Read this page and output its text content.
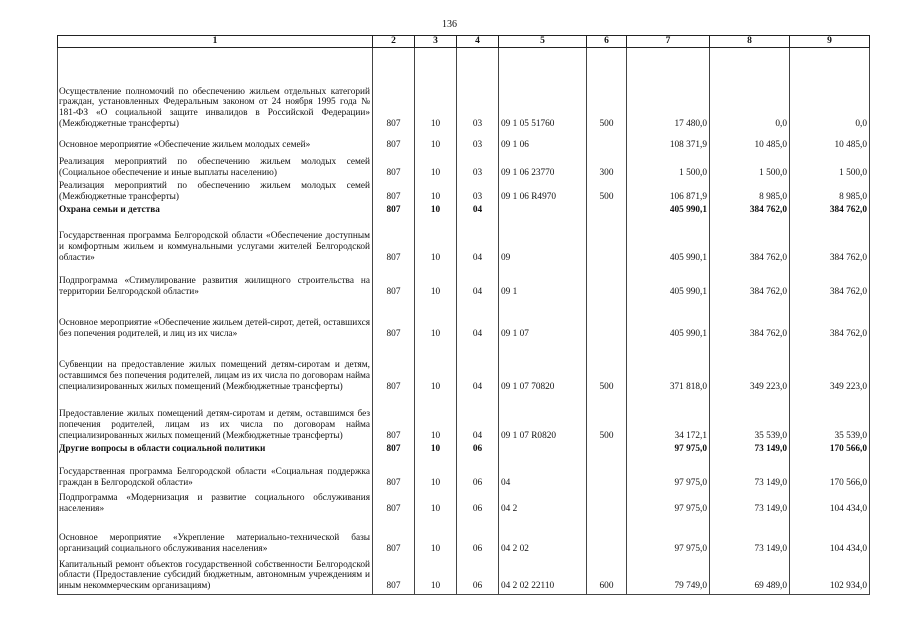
136
1	2	3	4	5	6	7	8	9
Осуществление полномочий по обеспечению жильем отдельных категорий граждан, установленных Федеральным законом от 24 ноября 1995 года № 181-ФЗ «О социальной защите инвалидов в Российской Федерации» (Межбюджетные трансферты)	807	10	03	09 1 05 51760	500	17 480,0	0,0	0,0
Основное мероприятие «Обеспечение жильем молодых семей»	807	10	03	09 1 06		108 371,9	10 485,0	10 485,0
Реализация мероприятий по обеспечению жильем молодых семей (Социальное обеспечение и иные выплаты населению)	807	10	03	09 1 06 23770	300	1 500,0	1 500,0	1 500,0
Реализация мероприятий по обеспечению жильем молодых семей (Межбюджетные трансферты)	807	10	03	09 1 06 R4970	500	106 871,9	8 985,0	8 985,0
Охрана семьи и детства	807	10	04			405 990,1	384 762,0	384 762,0
Государственная программа Белгородской области «Обеспечение доступным и комфортным жильем и коммунальными услугами жителей Белгородской области»	807	10	04	09		405 990,1	384 762,0	384 762,0
Подпрограмма «Стимулирование развития жилищного строительства на территории Белгородской области»	807	10	04	09 1		405 990,1	384 762,0	384 762,0
Основное мероприятие «Обеспечение жильем детей-сирот, детей, оставшихся без попечения родителей, и лиц из их числа»	807	10	04	09 1 07		405 990,1	384 762,0	384 762,0
Субвенции на предоставление жилых помещений детям-сиротам и детям, оставшимся без попечения родителей, лицам из их числа по договорам найма специализированных жилых помещений (Межбюджетные трансферты)	807	10	04	09 1 07 70820	500	371 818,0	349 223,0	349 223,0
Предоставление жилых помещений детям-сиротам и детям, оставшимся без попечения родителей, лицам из их числа по договорам найма специализированных жилых помещений (Межбюджетные трансферты)	807	10	04	09 1 07 R0820	500	34 172,1	35 539,0	35 539,0
Другие вопросы в области социальной политики	807	10	06			97 975,0	73 149,0	170 566,0
Государственная программа Белгородской области «Социальная поддержка граждан в Белгородской области»	807	10	06	04		97 975,0	73 149,0	170 566,0
Подпрограмма «Модернизация и развитие социального обслуживания населения»	807	10	06	04 2		97 975,0	73 149,0	104 434,0
Основное мероприятие «Укрепление материально-технической базы организаций социального обслуживания населения»	807	10	06	04 2 02		97 975,0	73 149,0	104 434,0
Капитальный ремонт объектов государственной собственности Белгородской области (Предоставление субсидий бюджетным, автономным учреждениям и иным некоммерческим организациям)	807	10	06	04 2 02 22110	600	79 749,0	69 489,0	102 934,0
